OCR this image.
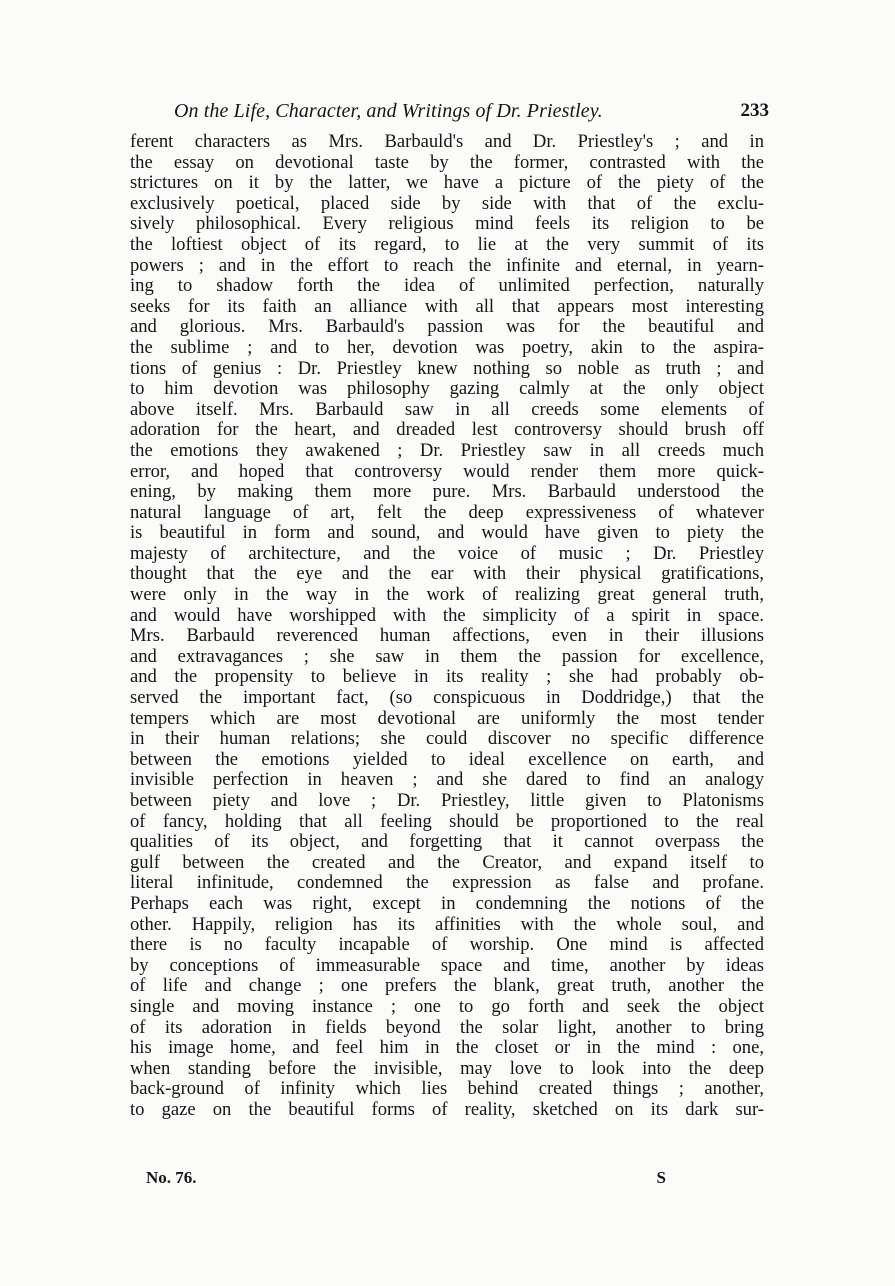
On the Life, Character, and Writings of Dr. Priestley.	233
ferent characters as Mrs. Barbauld's and Dr. Priestley's ; and in
the essay on devotional taste by the former, contrasted with the
strictures on it by the latter, we have a picture of the piety of the
exclusively poetical, placed side by side with that of the exclu-
sively philosophical. Every religious mind feels its religion to be
the loftiest object of its regard, to lie at the very summit of its
powers ; and in the effort to reach the infinite and eternal, in yearn-
ing to shadow forth the idea of unlimited perfection, naturally
seeks for its faith an alliance with all that appears most interesting
and glorious. Mrs. Barbauld's passion was for the beautiful and
the sublime ; and to her, devotion was poetry, akin to the aspira-
tions of genius : Dr. Priestley knew nothing so noble as truth ; and
to him devotion was philosophy gazing calmly at the only object
above itself. Mrs. Barbauld saw in all creeds some elements of
adoration for the heart, and dreaded lest controversy should brush off
the emotions they awakened ; Dr. Priestley saw in all creeds much
error, and hoped that controversy would render them more quick-
ening, by making them more pure. Mrs. Barbauld understood the
natural language of art, felt the deep expressiveness of whatever
is beautiful in form and sound, and would have given to piety the
majesty of architecture, and the voice of music ; Dr. Priestley
thought that the eye and the ear with their physical gratifications,
were only in the way in the work of realizing great general truth,
and would have worshipped with the simplicity of a spirit in space.
Mrs. Barbauld reverenced human affections, even in their illusions
and extravagances ; she saw in them the passion for excellence,
and the propensity to believe in its reality ; she had probably ob-
served the important fact, (so conspicuous in Doddridge,) that the
tempers which are most devotional are uniformly the most tender
in their human relations; she could discover no specific difference
between the emotions yielded to ideal excellence on earth, and
invisible perfection in heaven ; and she dared to find an analogy
between piety and love ; Dr. Priestley, little given to Platonisms
of fancy, holding that all feeling should be proportioned to the real
qualities of its object, and forgetting that it cannot overpass the
gulf between the created and the Creator, and expand itself to
literal infinitude, condemned the expression as false and profane.
Perhaps each was right, except in condemning the notions of the
other. Happily, religion has its affinities with the whole soul, and
there is no faculty incapable of worship. One mind is affected
by conceptions of immeasurable space and time, another by ideas
of life and change ; one prefers the blank, great truth, another the
single and moving instance ; one to go forth and seek the object
of its adoration in fields beyond the solar light, another to bring
his image home, and feel him in the closet or in the mind : one,
when standing before the invisible, may love to look into the deep
back-ground of infinity which lies behind created things ; another,
to gaze on the beautiful forms of reality, sketched on its dark sur-
No. 76.	S
